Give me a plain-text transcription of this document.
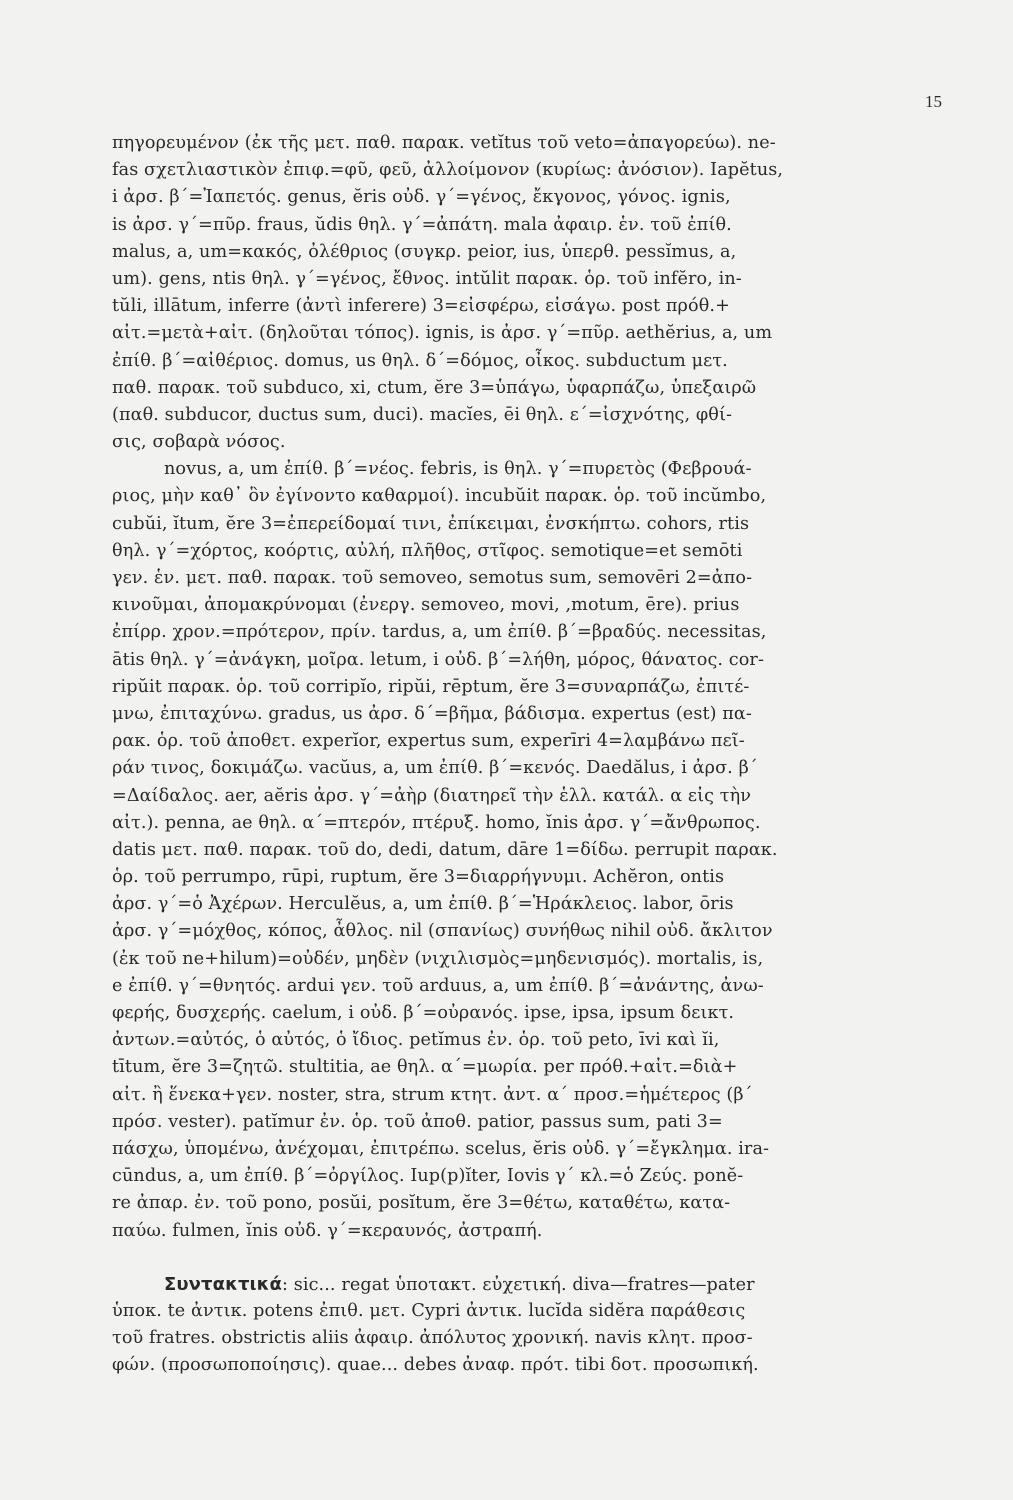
15
πηγορευμένον (ἐκ τῆς μετ. παθ. παρακ. vetĭtus τοῦ veto=ἀπαγορεύω). ne-
fas σχετλιαστικὸν ἐπιφ.=φῦ, φεῦ, ἀλλοίμονον (κυρίως: ἀνόσιον). Iapĕtus,
i ἀρσ. β΄=Ἰαπετός. genus, ĕris οὐδ. γ΄=γένος, ἔκγονος, γόνος. ignis,
is ἀρσ. γ΄=πῦρ. fraus, ŭdis θηλ. γ΄=ἀπάτη. mala ἀφαιρ. ἑν. τοῦ ἐπίθ.
malus, a, um=κακός, ὀλέθριος (συγκρ. peior, ius, ὑπερθ. pessĭmus, a,
um). gens, ntis θηλ. γ΄=γένος, ἔθνος. intŭlit παρακ. ὁρ. τοῦ infĕro, in-
tŭli, illātum, inferre (ἀντὶ inferere) 3=εἰσφέρω, εἰσάγω. post πρόθ.+
αἰτ.=μετὰ+αἰτ. (δηλοῦται τόπος). ignis, is ἀρσ. γ΄=πῦρ. aethĕrius, a, um
ἐπίθ. β΄=αἰθέριος. domus, us θηλ. δ΄=δόμος, οἶκος. subductum μετ.
παθ. παρακ. τοῦ subduco, xi, ctum, ĕre 3=ὑπάγω, ὑφαρπάζω, ὑπεξαιρῶ
(παθ. subducor, ductus sum, duci). macĭes, ēi θηλ. ε΄=ἰσχνότης, φθί-
σις, σοβαρὰ νόσος.
novus, a, um ἐπίθ. β΄=νέος. febris, is θηλ. γ΄=πυρετὸς (Φεβρουά-
ριος, μὴν καθ᾽ ὃν ἐγίνοντο καθαρμοί). incubŭit παρακ. ὁρ. τοῦ incŭmbo,
cubŭi, ĭtum, ĕre 3=ἐπερείδομαί τινι, ἐπίκειμαι, ἐνσκήπτω. cohors, rtis
θηλ. γ΄=χόρτος, κοόρτις, αὐλή, πλῆθος, στῖφος. semotique=et semōti
γεν. ἑν. μετ. παθ. παρακ. τοῦ semoveo, semotus sum, semovēri 2=ἀπο-
κινοῦμαι, ἀπομακρύνομαι (ἐνεργ. semoveo, movi, ,motum, ēre). prius
ἐπίρρ. χρον.=πρότερον, πρίν. tardus, a, um ἐπίθ. β΄=βραδύς. necessitas,
ātis θηλ. γ΄=ἀνάγκη, μοῖρα. letum, i οὐδ. β΄=λήθη, μόρος, θάνατος. cor-
ripŭit παρακ. ὁρ. τοῦ corripĭo, ripŭi, rēptum, ĕre 3=συναρπάζω, ἐπιτέ-
μνω, ἐπιταχύνω. gradus, us ἀρσ. δ΄=βῆμα, βάδισμα. expertus (est) πα-
ρακ. ὁρ. τοῦ ἀποθετ. experĭor, expertus sum, experīri 4=λαμβάνω πεῖ-
ράν τινος, δοκιμάζω. vacŭus, a, um ἐπίθ. β΄=κενός. Daedălus, i ἀρσ. β΄
=Δαίδαλος. aer, aĕris ἀρσ. γ΄=ἀὴρ (διατηρεῖ τὴν ἑλλ. κατάλ. α εἰς τὴν
αἰτ.). penna, ae θηλ. α΄=πτερόν, πτέρυξ. homo, ĭnis ἀρσ. γ΄=ἄνθρωπος.
datis μετ. παθ. παρακ. τοῦ do, dedi, datum, dāre 1=δίδω. perrupit παρακ.
ὁρ. τοῦ perrumpo, rūpi, ruptum, ĕre 3=διαρρήγνυμι. Achĕron, ontis
ἀρσ. γ΄=ὁ Ἀχέρων. Herculĕus, a, um ἐπίθ. β΄=Ἡράκλειος. labor, ōris
ἀρσ. γ΄=μόχθος, κόπος, ἆθλος. nil (σπανίως) συνήθως nihil οὐδ. ἄκλιτον
(ἐκ τοῦ ne+hilum)=οὐδέν, μηδὲν (νιχιλισμὸς=μηδενισμός). mortalis, is,
e ἐπίθ. γ΄=θνητός. ardui γεν. τοῦ arduus, a, um ἐπίθ. β΄=ἀνάντης, ἀνω-
φερής, δυσχερής. caelum, i οὐδ. β΄=οὐρανός. ipse, ipsa, ipsum δεικτ.
ἀντων.=αὐτός, ὁ αὐτός, ὁ ἴδιος. petĭmus ἐν. ὁρ. τοῦ peto, īvi καὶ ĭi,
tītum, ĕre 3=ζητῶ. stultitia, ae θηλ. α΄=μωρία. per πρόθ.+αἰτ.=διὰ+
αἰτ. ἢ ἕνεκα+γεν. noster, stra, strum κτητ. ἀντ. α΄ προσ.=ἡμέτερος (β΄
πρόσ. vester). patĭmur ἐν. ὁρ. τοῦ ἀποθ. patior, passus sum, pati 3=
πάσχω, ὑπομένω, ἀνέχομαι, ἐπιτρέπω. scelus, ĕris οὐδ. γ΄=ἔγκλημα. ira-
cūndus, a, um ἐπίθ. β΄=ὀργίλος. Iup(p)ĭter, Iovis γ΄ κλ.=ὁ Ζεύς. ponĕ-
re ἀπαρ. ἐν. τοῦ pono, posŭi, posĭtum, ĕre 3=θέτω, καταθέτω, κατα-
παύω. fulmen, ĭnis οὐδ. γ΄=κεραυνός, ἀστραπή.
Συντακτικά: sic... regat ὑποτακτ. εὐχετική. diva—fratres—pater
ὑποκ. te ἀντικ. potens ἐπιθ. μετ. Cypri ἀντικ. lucĭda sidĕra παράθεσις
τοῦ fratres. obstrictis aliis ἀφαιρ. ἀπόλυτος χρονική. navis κλητ. προσ-
φών. (προσωποποίησις). quae... debes ἀναφ. πρότ. tibi δοτ. προσωπική.
